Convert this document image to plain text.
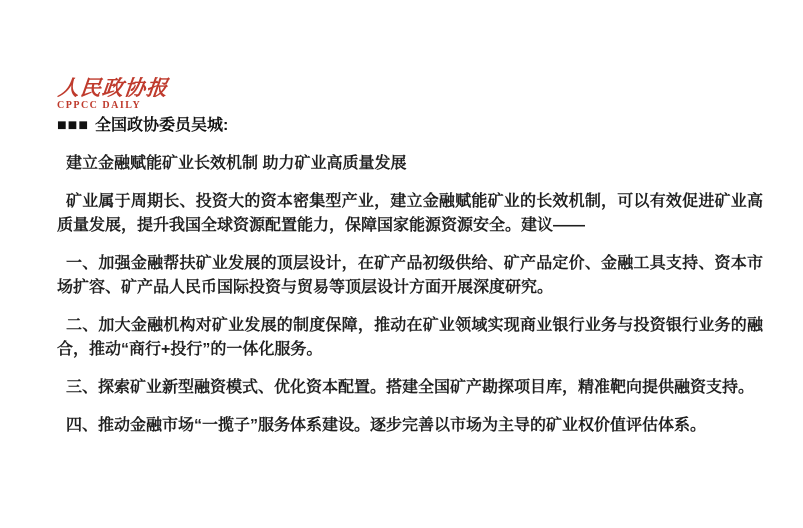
人民政协报
CPPCC DAILY
■■■ 全国政协委员吴城:
建立金融赋能矿业长效机制 助力矿业高质量发展

矿业属于周期长、投资大的资本密集型产业，建立金融赋能矿业的长效机制，可以有效促进矿业高质量发展，提升我国全球资源配置能力，保障国家能源资源安全。建议——

一、加强金融帮扶矿业发展的顶层设计，在矿产品初级供给、矿产品定价、金融工具支持、资本市场扩容、矿产品人民币国际投资与贸易等顶层设计方面开展深度研究。

二、加大金融机构对矿业发展的制度保障，推动在矿业领域实现商业银行业务与投资银行业务的融合，推动“商行+投行”的一体化服务。

三、探索矿业新型融资模式、优化资本配置。搭建全国矿产勘探项目库，精准靶向提供融资支持。

四、推动金融市场“一揽子”服务体系建设。逐步完善以市场为主导的矿业权价值评估体系。
